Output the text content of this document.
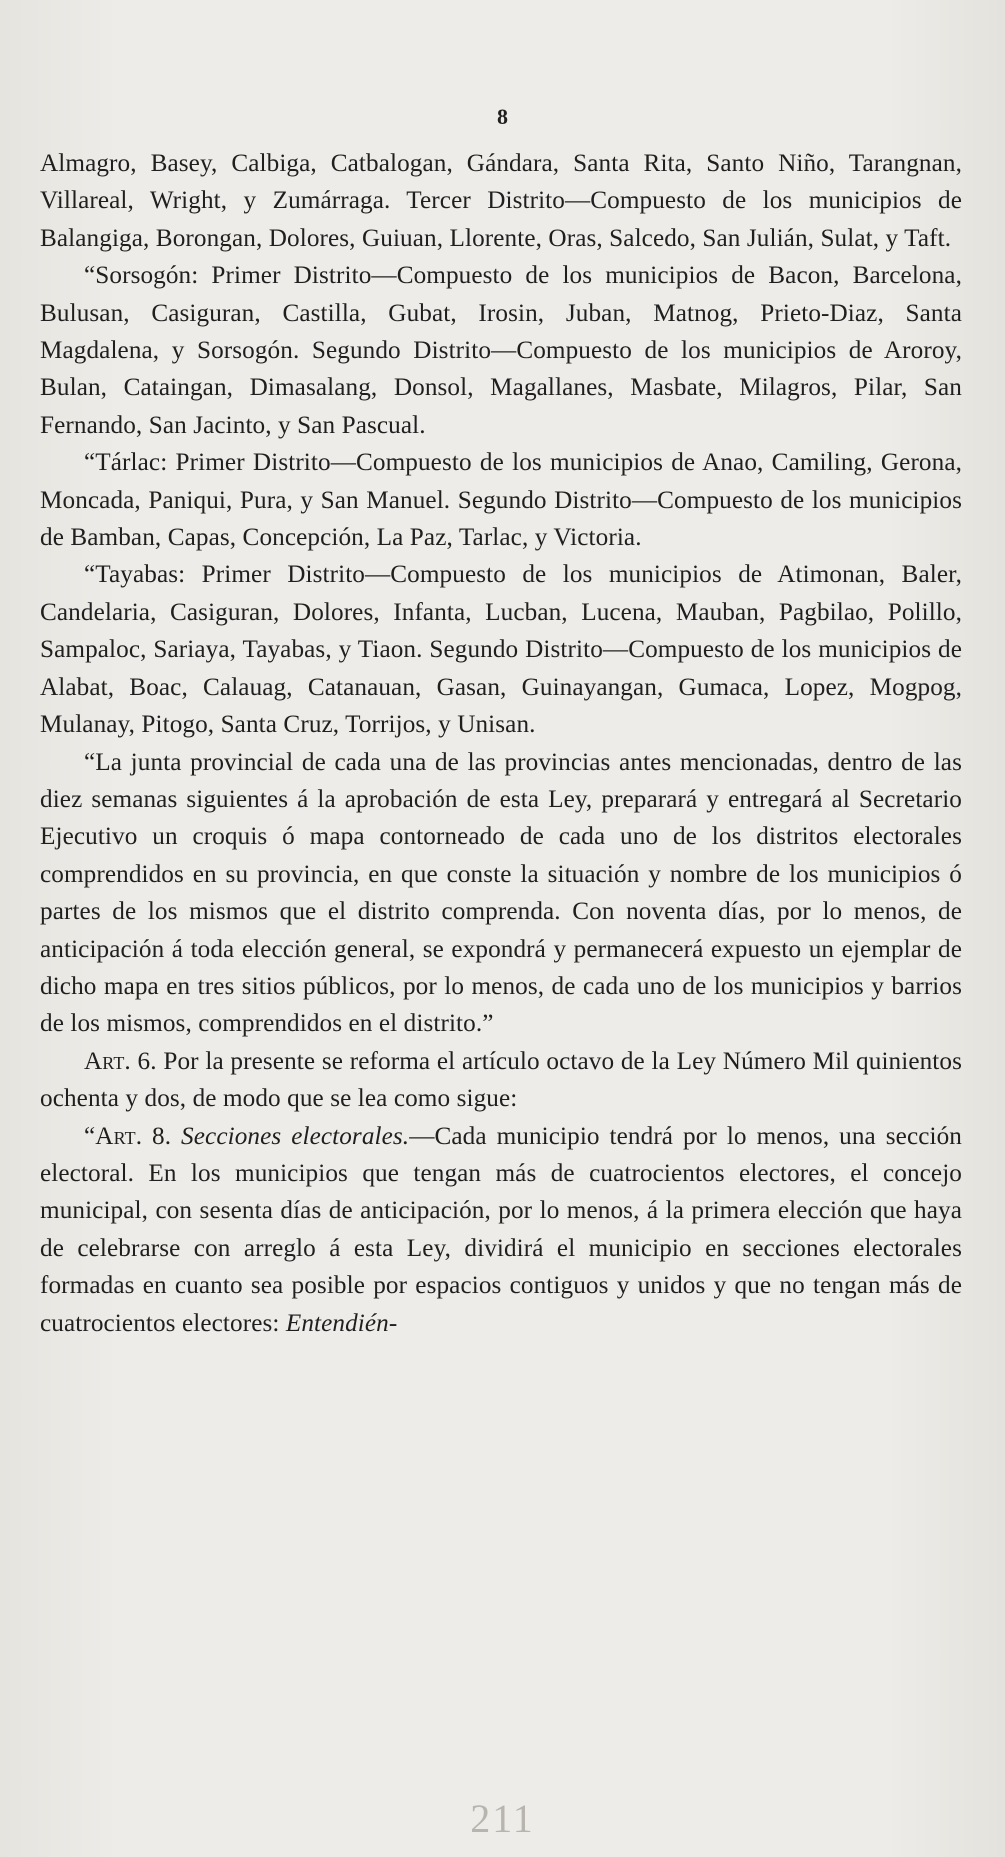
8

Almagro, Basey, Calbiga, Catbalogan, Gándara, Santa Rita, Santo Niño, Tarangnan, Villareal, Wright, y Zumárraga. Tercer Distrito—Compuesto de los municipios de Balangiga, Borongan, Dolores, Guiuan, Llorente, Oras, Salcedo, San Julián, Sulat, y Taft.

“Sorsogón: Primer Distrito—Compuesto de los municipios de Bacon, Barcelona, Bulusan, Casiguran, Castilla, Gubat, Irosin, Juban, Matnog, Prieto-Diaz, Santa Magdalena, y Sorsogón. Segundo Distrito—Compuesto de los municipios de Aroroy, Bulan, Cataingan, Dimasalang, Donsol, Magallanes, Masbate, Milagros, Pilar, San Fernando, San Jacinto, y San Pascual.

“Tárlac: Primer Distrito—Compuesto de los municipios de Anao, Camiling, Gerona, Moncada, Paniqui, Pura, y San Manuel. Segundo Distrito—Compuesto de los municipios de Bamban, Capas, Concepción, La Paz, Tarlac, y Victoria.

“Tayabas: Primer Distrito—Compuesto de los municipios de Atimonan, Baler, Candelaria, Casiguran, Dolores, Infanta, Lucban, Lucena, Mauban, Pagbilao, Polillo, Sampaloc, Sariaya, Tayabas, y Tiaon. Segundo Distrito—Compuesto de los municipios de Alabat, Boac, Calauag, Catanauan, Gasan, Guinayangan, Gumaca, Lopez, Mogpog, Mulanay, Pitogo, Santa Cruz, Torrijos, y Unisan.

“La junta provincial de cada una de las provincias antes mencionadas, dentro de las diez semanas siguientes á la aprobación de esta Ley, preparará y entregará al Secretario Ejecutivo un croquis ó mapa contorneado de cada uno de los distritos electorales comprendidos en su provincia, en que conste la situación y nombre de los municipios ó partes de los mismos que el distrito comprenda. Con noventa días, por lo menos, de anticipación á toda elección general, se expondrá y permanecerá expuesto un ejemplar de dicho mapa en tres sitios públicos, por lo menos, de cada uno de los municipios y barrios de los mismos, comprendidos en el distrito.”

Art. 6. Por la presente se reforma el artículo octavo de la Ley Número Mil quinientos ochenta y dos, de modo que se lea como sigue:

“Art. 8. Secciones electorales.—Cada municipio tendrá por lo menos, una sección electoral. En los municipios que tengan más de cuatrocientos electores, el concejo municipal, con sesenta días de anticipación, por lo menos, á la primera elección que haya de celebrarse con arreglo á esta Ley, dividirá el municipio en secciones electorales formadas en cuanto sea posible por espacios contiguos y unidos y que no tengan más de cuatrocientos electores: Entendién-

211
